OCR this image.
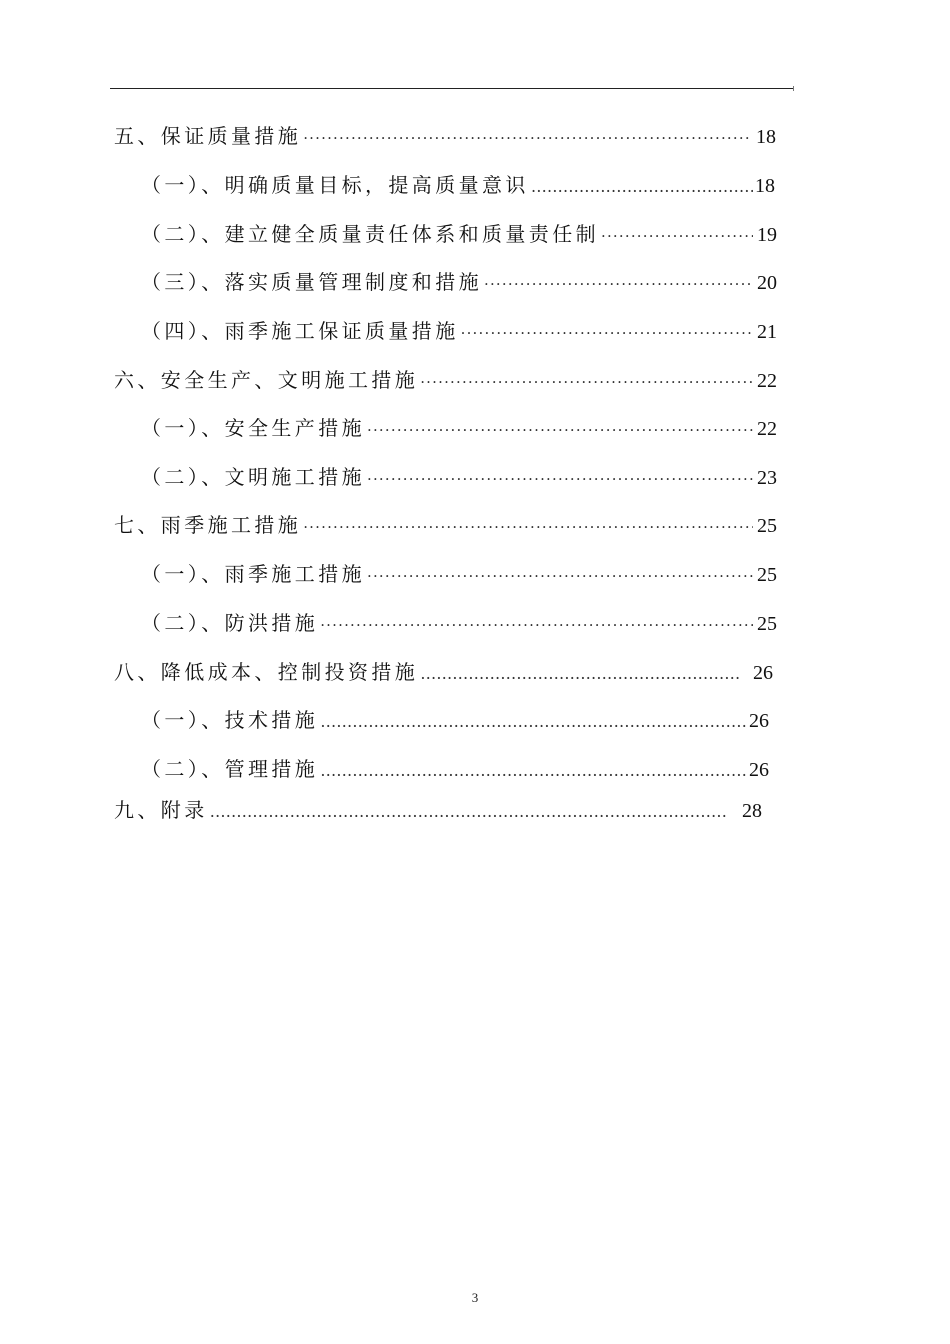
五、保证质量措施 ·····	18
（一）、明确质量目标，提高质量意识 ……………………………………………………………………………………………………………………………	18
（二）、建立健全质量责任体系和质量责任制 ·····	19
（三）、落实质量管理制度和措施 ·····	20
（四）、雨季施工保证质量措施 ·····	21
六、安全生产、文明施工措施 ·····	22
（一）、安全生产措施 ·····	22
（二）、文明施工措施 ·····	23
七、雨季施工措施 ·····	25
（一）、雨季施工措施 ·····	25
（二）、防洪措施 ·····	25
八、降低成本、控制投资措施 ……………………………………………………………………………………………………………………………	26
（一）、技术措施 ……………………………………………………………………………………………………………………………	26
（二）、管理措施 ……………………………………………………………………………………………………………………………	26
九、附录 ……………………………………………………………………………………………………………………………	28
3
